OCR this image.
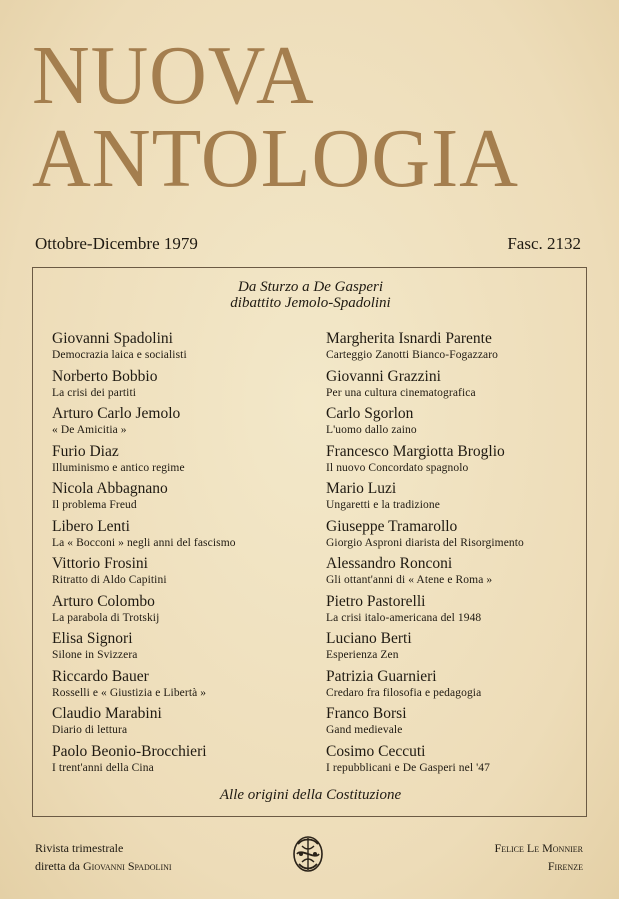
NUOVA
ANTOLOGIA
Ottobre-Dicembre 1979	Fasc. 2132
Da Sturzo a De Gasperi
dibattito Jemolo-Spadolini
Giovanni Spadolini
Democrazia laica e socialisti
Norberto Bobbio
La crisi dei partiti
Arturo Carlo Jemolo
« De Amicitia »
Furio Diaz
Illuminismo e antico regime
Nicola Abbagnano
Il problema Freud
Libero Lenti
La « Bocconi » negli anni del fascismo
Vittorio Frosini
Ritratto di Aldo Capitini
Arturo Colombo
La parabola di Trotskij
Elisa Signori
Silone in Svizzera
Riccardo Bauer
Rosselli e « Giustizia e Libertà »
Claudio Marabini
Diario di lettura
Paolo Beonio-Brocchieri
I trent'anni della Cina
Margherita Isnardi Parente
Carteggio Zanotti Bianco-Fogazzaro
Giovanni Grazzini
Per una cultura cinematografica
Carlo Sgorlon
L'uomo dallo zaino
Francesco Margiotta Broglio
Il nuovo Concordato spagnolo
Mario Luzi
Ungaretti e la tradizione
Giuseppe Tramarollo
Giorgio Asproni diarista del Risorgimento
Alessandro Ronconi
Gli ottant'anni di « Atene e Roma »
Pietro Pastorelli
La crisi italo-americana del 1948
Luciano Berti
Esperienza Zen
Patrizia Guarnieri
Credaro fra filosofia e pedagogia
Franco Borsi
Gand medievale
Cosimo Ceccuti
I repubblicani e De Gasperi nel '47
Alle origini della Costituzione
Rivista trimestrale
diretta da Giovanni Spadolini
Felice Le Monnier
Firenze
